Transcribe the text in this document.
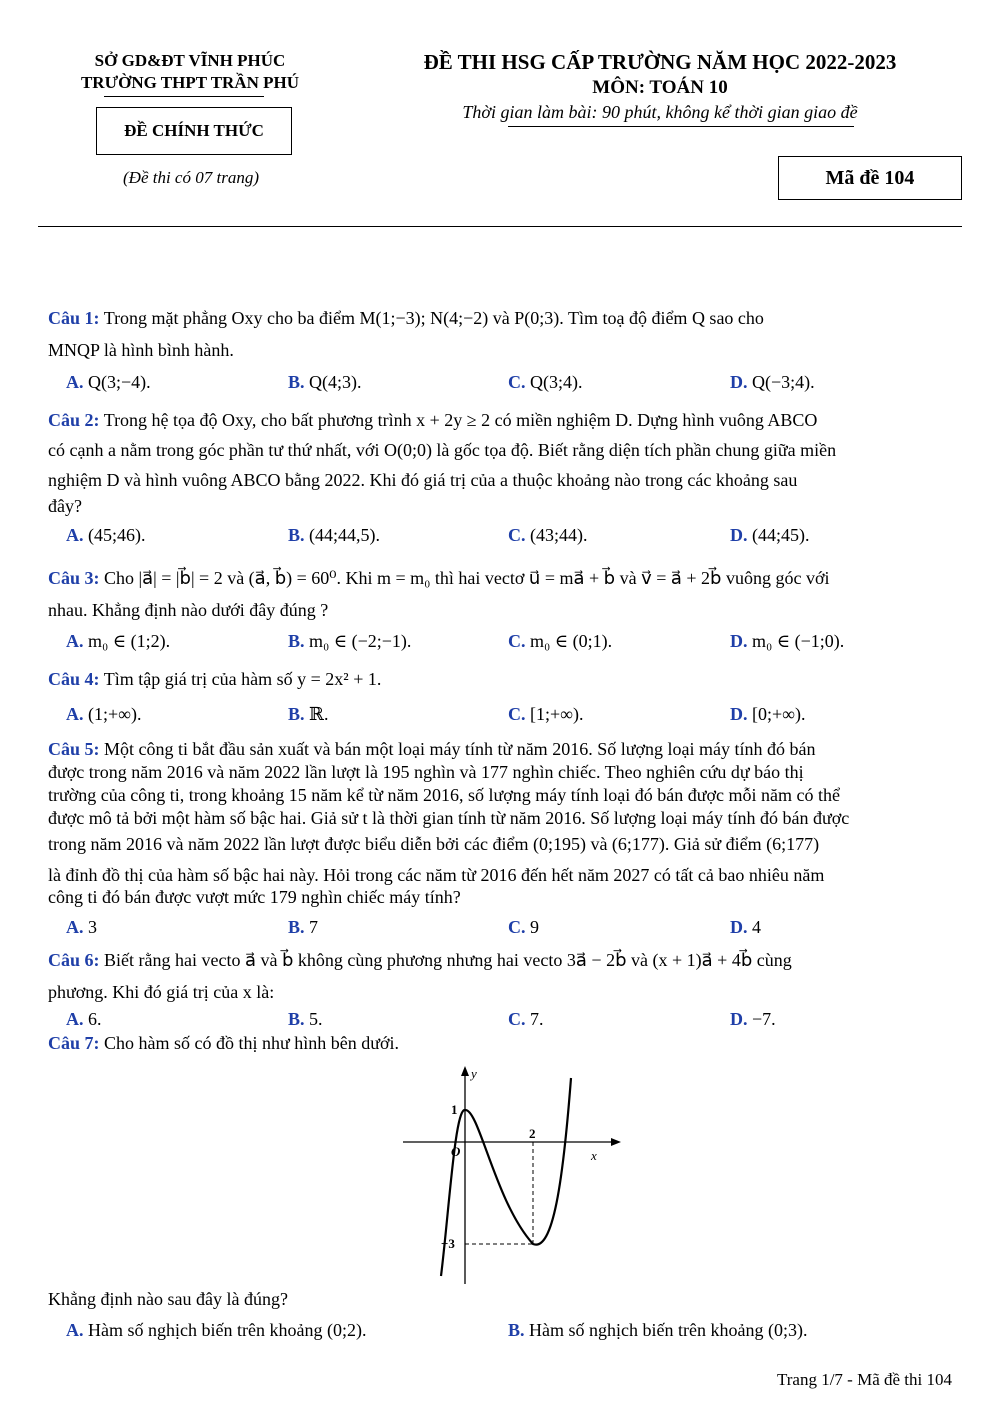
SỞ GD&ĐT VĨNH PHÚC
TRƯỜNG THPT TRẦN PHÚ
ĐỀ CHÍNH THỨC
(Đề thi có 07 trang)
ĐỀ THI HSG CẤP TRƯỜNG NĂM HỌC 2022-2023
MÔN: TOÁN 10
Thời gian làm bài: 90 phút, không kể thời gian giao đề
Mã đề 104
Câu 1: Trong mặt phẳng Oxy cho ba điểm M(1;−3); N(4;−2) và P(0;3). Tìm toạ độ điểm Q sao cho
MNQP là hình bình hành.
A. Q(3;−4).	B. Q(4;3).	C. Q(3;4).	D. Q(−3;4).
Câu 2: Trong hệ tọa độ Oxy, cho bất phương trình x + 2y ≥ 2 có miền nghiệm D. Dựng hình vuông ABCO
có cạnh a nằm trong góc phần tư thứ nhất, với O(0;0) là gốc tọa độ. Biết rằng diện tích phần chung giữa miền
nghiệm D và hình vuông ABCO bằng 2022. Khi đó giá trị của a thuộc khoảng nào trong các khoảng sau
đây?
A. (45;46).	B. (44;44,5).	C. (43;44).	D. (44;45).
Câu 3: Cho |a⃗| = |b⃗| = 2 và (a⃗, b⃗) = 60⁰. Khi m = m₀ thì hai vectơ u⃗ = ma⃗ + b⃗ và v⃗ = a⃗ + 2b⃗ vuông góc với
nhau. Khẳng định nào dưới đây đúng ?
A. m₀ ∈ (1;2).	B. m₀ ∈ (−2;−1).	C. m₀ ∈ (0;1).	D. m₀ ∈ (−1;0).
Câu 4: Tìm tập giá trị của hàm số y = 2x² + 1.
A. (1;+∞).	B. ℝ.	C. [1;+∞).	D. [0;+∞).
Câu 5: Một công ti bắt đầu sản xuất và bán một loại máy tính từ năm 2016. Số lượng loại máy tính đó bán
được trong năm 2016 và năm 2022 lần lượt là 195 nghìn và 177 nghìn chiếc. Theo nghiên cứu dự báo thị
trường của công ti, trong khoảng 15 năm kể từ năm 2016, số lượng máy tính loại đó bán được mỗi năm có thể
được mô tả bởi một hàm số bậc hai. Giả sử t là thời gian tính từ năm 2016. Số lượng loại máy tính đó bán được
trong năm 2016 và năm 2022 lần lượt được biểu diễn bởi các điểm (0;195) và (6;177). Giả sử điểm (6;177)
là đỉnh đồ thị của hàm số bậc hai này. Hỏi trong các năm từ 2016 đến hết năm 2027 có tất cả bao nhiêu năm
công ti đó bán được vượt mức 179 nghìn chiếc máy tính?
A. 3	B. 7	C. 9	D. 4
Câu 6: Biết rằng hai vecto a⃗ và b⃗ không cùng phương nhưng hai vecto 3a⃗ − 2b⃗ và (x + 1)a⃗ + 4b⃗ cùng
phương. Khi đó giá trị của x là:
A. 6.	B. 5.	C. 7.	D. −7.
Câu 7: Cho hàm số có đồ thị như hình bên dưới.
y
x
O
1
2
−3
Khẳng định nào sau đây là đúng?
A. Hàm số nghịch biến trên khoảng (0;2).	B. Hàm số nghịch biến trên khoảng (0;3).
Trang 1/7 - Mã đề thi 104
